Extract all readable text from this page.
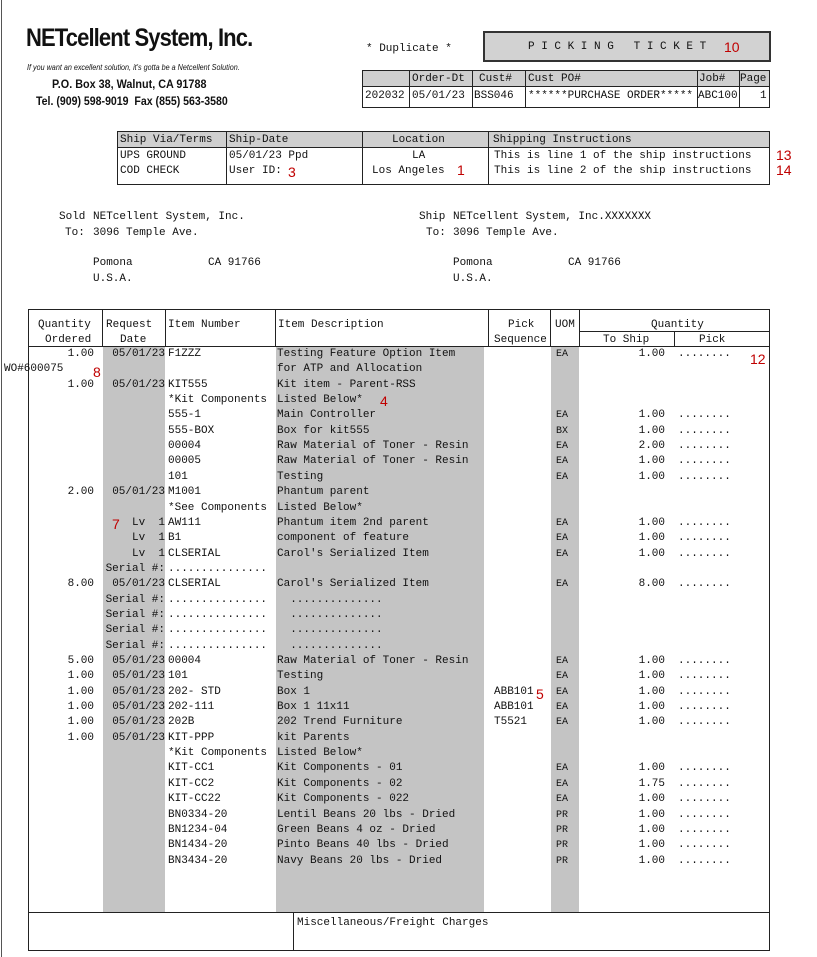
NETcellent System, Inc.
If you want an excellent solution, it's gotta be a Netcellent Solution.
P.O. Box 38, Walnut, CA 91788
Tel. (909) 598-9019  Fax (855) 563-3580
* Duplicate *	P I C K I N G   T I C K E T 10
Order-Dt Cust# Cust PO#	Job# Page
202032 05/01/23 BSS046 ******PURCHASE ORDER***** ABC100 1
Ship Via/Terms Ship-Date	Location	Shipping Instructions
UPS GROUND	05/01/23 Ppd	LA	This is line 1 of the ship instructions
COD CHECK	User ID:	Los Angeles	This is line 2 of the ship instructions
3	1
13
14
Sold
To:
NETcellent System, Inc.
3096 Temple Ave.
Pomona	CA 91766
U.S.A.
Ship
To:
NETcellent System, Inc.XXXXXXX
3096 Temple Ave.
Pomona	CA 91766
U.S.A.
Quantity
Ordered
Request
Date
Item Number	Item Description	Pick
Sequence
UOM	Quantity
To Ship	Pick
1.00	05/01/23 F1ZZZ	Testing Feature Option Item	EA	1.00 ........
WO#600075	for ATP and Allocation
1.00	05/01/23 KIT555	Kit item - Parent-RSS
*Kit Components Listed Below*
555-1	Main Controller	EA	1.00 ........
555-BOX	Box for kit555	BX	1.00 ........
00004	Raw Material of Toner - Resin	EA	2.00 ........
00005	Raw Material of Toner - Resin	EA	1.00 ........
101	Testing	EA	1.00 ........
2.00	05/01/23 M1001	Phantum parent
*See Components Listed Below*
Lv  1 AW111	Phantum item 2nd parent	EA	1.00 ........
Lv  1 B1	component of feature	EA	1.00 ........
Lv  1 CLSERIAL	Carol's Serialized Item	EA	1.00 ........
Serial #: ...............
8.00	05/01/23 CLSERIAL	Carol's Serialized Item	EA	8.00 ........
Serial #: ............... ..............
Serial #: ............... ..............
Serial #: ............... ..............
Serial #: ............... ..............
5.00	05/01/23 00004	Raw Material of Toner - Resin	EA	1.00 ........
1.00	05/01/23 101	Testing	EA	1.00 ........
1.00	05/01/23 202- STD	Box 1	ABB101	EA	1.00 ........
1.00	05/01/23 202-111	Box 1 11x11	ABB101	EA	1.00 ........
1.00	05/01/23 202B	202 Trend Furniture	T5521	EA	1.00 ........
1.00	05/01/23 KIT-PPP	kit Parents
*Kit Components Listed Below*
KIT-CC1	Kit Components - 01	EA	1.00 ........
KIT-CC2	Kit Components - 02	EA	1.75 ........
KIT-CC22	Kit Components - 022	EA	1.00 ........
BN0334-20	Lentil Beans 20 lbs - Dried	PR	1.00 ........
BN1234-04	Green Beans 4 oz - Dried	PR	1.00 ........
BN1434-20	Pinto Beans 40 lbs - Dried	PR	1.00 ........
BN3434-20	Navy Beans 20 lbs - Dried	PR	1.00 ........
12
8
4
7
5
Miscellaneous/Freight Charges
